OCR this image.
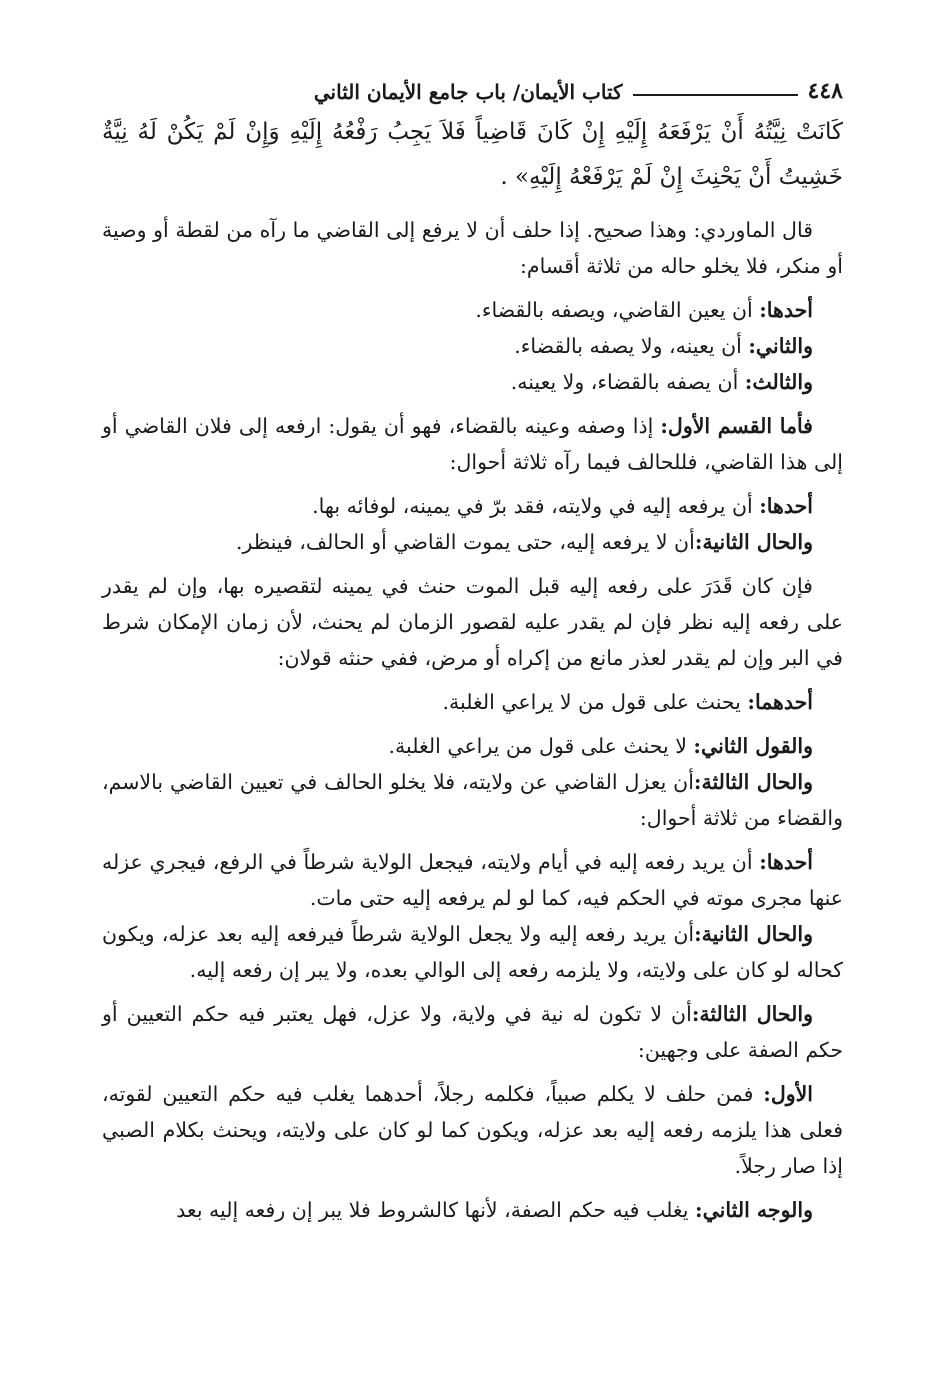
٤٤٨
كتاب الأيمان/ باب جامع الأيمان الثاني

كَانَتْ نِيَّتُهُ أَنْ يَرْفَعَهُ إِلَيْهِ إِنْ كَانَ قَاضِياً فَلاَ يَجِبُ رَفْعُهُ إِلَيْهِ وَإِنْ لَمْ يَكُنْ لَهُ نِيَّةٌ خَشِيتُ أَنْ يَحْنِثَ إِنْ لَمْ يَرْفَعْهُ إِلَيْهِ» .

قال الماوردي: وهذا صحيح. إذا حلف أن لا يرفع إلى القاضي ما رآه من لقطة أو وصية أو منكر، فلا يخلو حاله من ثلاثة أقسام:

أحدها: أن يعين القاضي، ويصفه بالقضاء.

والثاني: أن يعينه، ولا يصفه بالقضاء.

والثالث: أن يصفه بالقضاء، ولا يعينه.

فأما القسم الأول: إذا وصفه وعينه بالقضاء، فهو أن يقول: ارفعه إلى فلان القاضي أو إلى هذا القاضي، فللحالف فيما رآه ثلاثة أحوال:

أحدها: أن يرفعه إليه في ولايته، فقد برّ في يمينه، لوفائه بها.

والحال الثانية:أن لا يرفعه إليه، حتى يموت القاضي أو الحالف، فينظر.

فإن كان قَدَرَ على رفعه إليه قبل الموت حنث في يمينه لتقصيره بها، وإن لم يقدر على رفعه إليه نظر فإن لم يقدر عليه لقصور الزمان لم يحنث، لأن زمان الإمكان شرط في البر وإن لم يقدر لعذر مانع من إكراه أو مرض، ففي حنثه قولان:

أحدهما: يحنث على قول من لا يراعي الغلبة.

والقول الثاني: لا يحنث على قول من يراعي الغلبة.

والحال الثالثة:أن يعزل القاضي عن ولايته، فلا يخلو الحالف في تعيين القاضي بالاسم، والقضاء من ثلاثة أحوال:

أحدها: أن يريد رفعه إليه في أيام ولايته، فيجعل الولاية شرطاً في الرفع، فيجري عزله عنها مجرى موته في الحكم فيه، كما لو لم يرفعه إليه حتى مات.

والحال الثانية:أن يريد رفعه إليه ولا يجعل الولاية شرطاً فيرفعه إليه بعد عزله، ويكون كحاله لو كان على ولايته، ولا يلزمه رفعه إلى الوالي بعده، ولا يبر إن رفعه إليه.

والحال الثالثة:أن لا تكون له نية في ولاية، ولا عزل، فهل يعتبر فيه حكم التعيين أو حكم الصفة على وجهين:

الأول: فمن حلف لا يكلم صبياً، فكلمه رجلاً، أحدهما يغلب فيه حكم التعيين لقوته، فعلى هذا يلزمه رفعه إليه بعد عزله، ويكون كما لو كان على ولايته، ويحنث بكلام الصبي إذا صار رجلاً.

والوجه الثاني: يغلب فيه حكم الصفة، لأنها كالشروط فلا يبر إن رفعه إليه بعد
